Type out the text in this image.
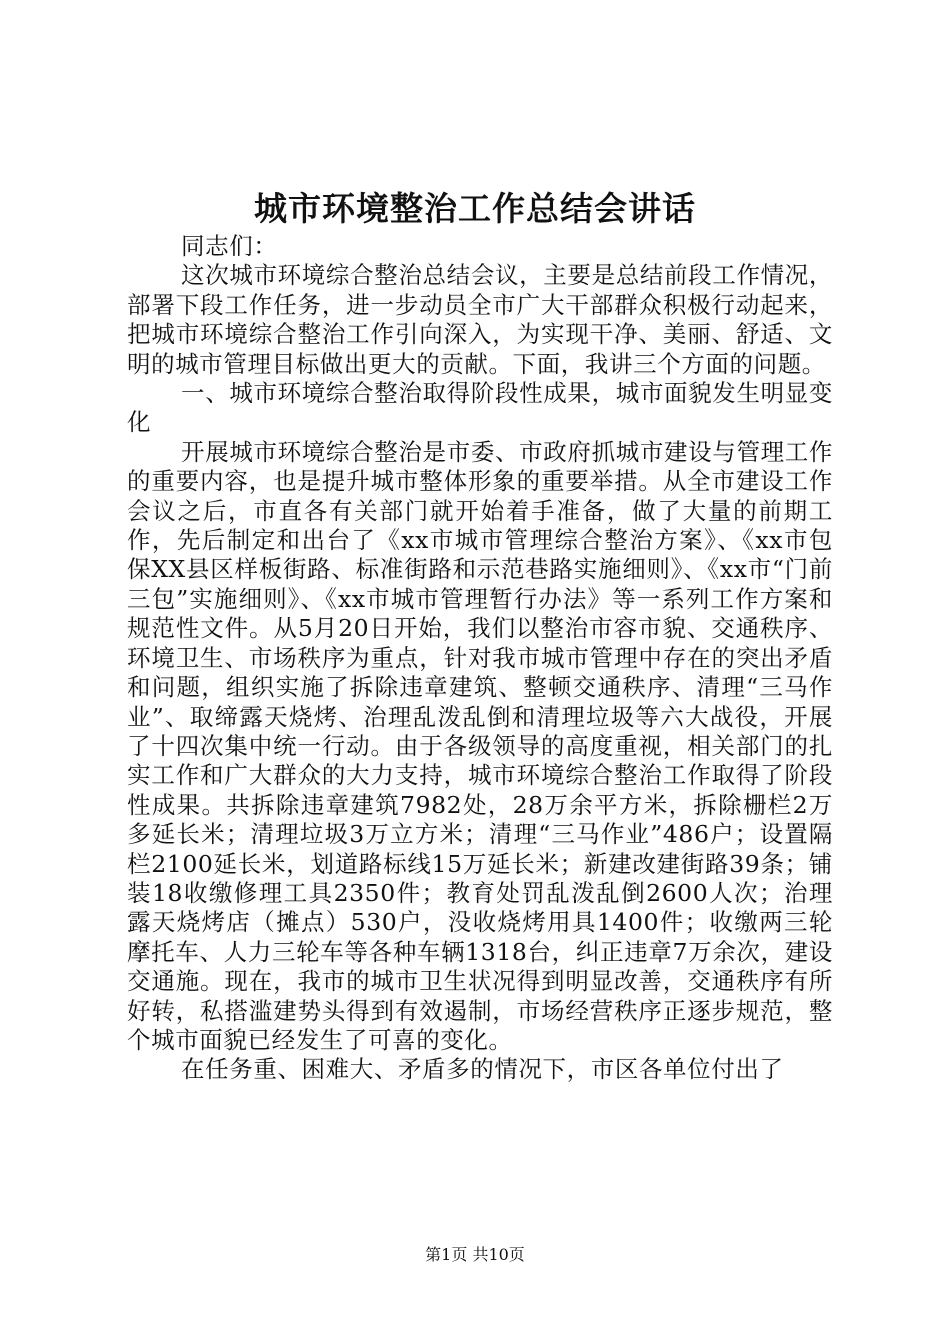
城市环境整治工作总结会讲话

同志们：

这次城市环境综合整治总结会议，主要是总结前段工作情况，部署下段工作任务，进一步动员全市广大干部群众积极行动起来，把城市环境综合整治工作引向深入，为实现干净、美丽、舒适、文明的城市管理目标做出更大的贡献。下面，我讲三个方面的问题。

一、城市环境综合整治取得阶段性成果，城市面貌发生明显变化

开展城市环境综合整治是市委、市政府抓城市建设与管理工作的重要内容，也是提升城市整体形象的重要举措。从全市建设工作会议之后，市直各有关部门就开始着手准备，做了大量的前期工作，先后制定和出台了《xx市城市管理综合整治方案》、《xx市包保XX县区样板街路、标准街路和示范巷路实施细则》、《xx市“门前三包”实施细则》、《xx市城市管理暂行办法》等一系列工作方案和规范性文件。从5月20日开始，我们以整治市容市貌、交通秩序、环境卫生、市场秩序为重点，针对我市城市管理中存在的突出矛盾和问题，组织实施了拆除违章建筑、整顿交通秩序、清理“三马作业”、取缔露天烧烤、治理乱泼乱倒和清理垃圾等六大战役，开展了十四次集中统一行动。由于各级领导的高度重视，相关部门的扎实工作和广大群众的大力支持，城市环境综合整治工作取得了阶段性成果。共拆除违章建筑7982处，28万余平方米，拆除栅栏2万多延长米；清理垃圾3万立方米；清理“三马作业”486户；设置隔栏2100延长米，划道路标线15万延长米；新建改建街路39条；铺装18收缴修理工具2350件；教育处罚乱泼乱倒2600人次；治理露天烧烤店（摊点）530户，没收烧烤用具1400件；收缴两三轮摩托车、人力三轮车等各种车辆1318台，纠正违章7万余次，建设交通施。现在，我市的城市卫生状况得到明显改善，交通秩序有所好转，私搭滥建势头得到有效遏制，市场经营秩序正逐步规范，整个城市面貌已经发生了可喜的变化。

在任务重、困难大、矛盾多的情况下，市区各单位付出了

第1页 共10页
